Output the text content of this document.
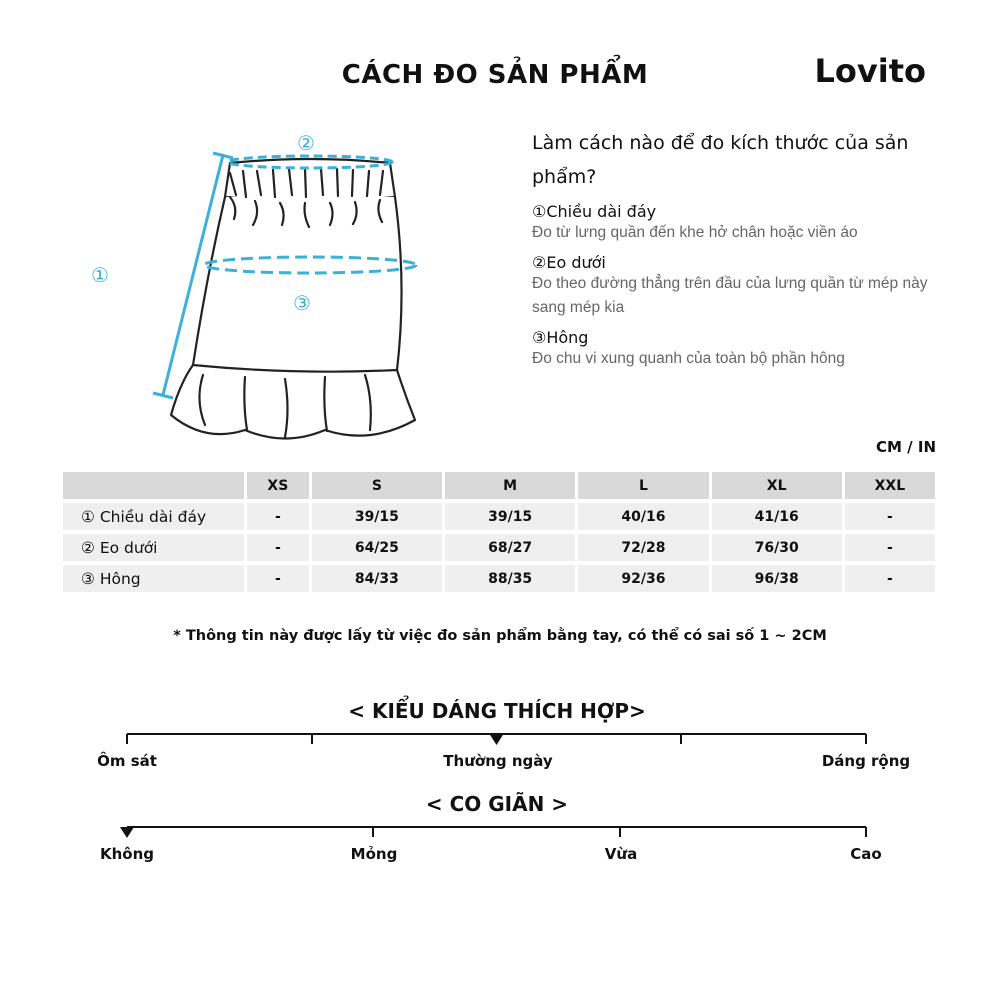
CÁCH ĐO SẢN PHẨM	Lovito
①
②
③
Làm cách nào để đo kích thước của sản phẩm?
①Chiều dài đáy
Đo từ lưng quần đến khe hở chân hoặc viền áo
②Eo dưới
Đo theo đường thẳng trên đầu của lưng quần từ mép này sang mép kia
③Hông
Đo chu vi xung quanh của toàn bộ phần hông
CM / IN
	XS	S	M	L	XL	XXL
① Chiều dài đáy	-	39/15	39/15	40/16	41/16	-
② Eo dưới	-	64/25	68/27	72/28	76/30	-
③ Hông	-	84/33	88/35	92/36	96/38	-
* Thông tin này được lấy từ việc đo sản phẩm bằng tay, có thể có sai số 1 ~ 2CM
< KIỂU DÁNG THÍCH HỢP>
Ôm sát	Thường ngày	Dáng rộng
< CO GIÃN >
Không	Mỏng	Vừa	Cao
